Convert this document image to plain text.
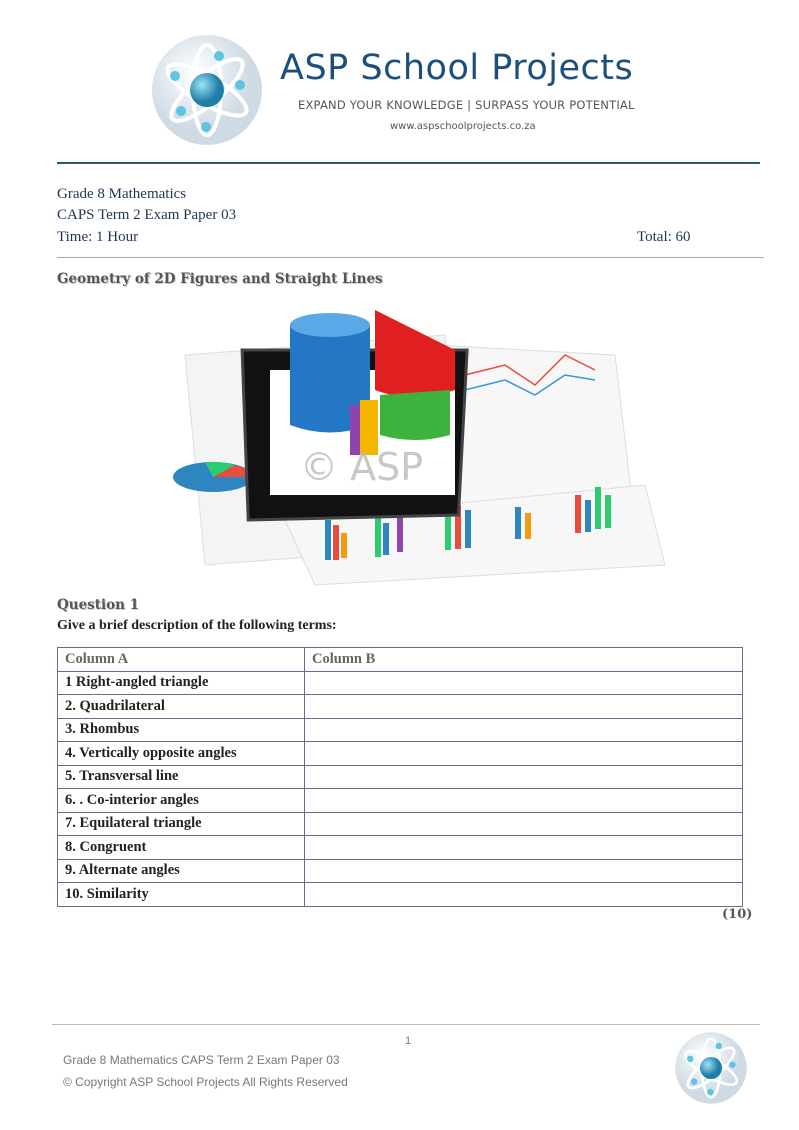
ASP School Projects
EXPAND YOUR KNOWLEDGE | SURPASS YOUR POTENTIAL
www.aspschoolprojects.co.za
Grade 8 Mathematics
CAPS Term 2 Exam Paper 03
Time: 1 Hour	Total: 60
Geometry of 2D Figures and Straight Lines
© ASP
Question 1
Give a brief description of the following terms:
Column A	Column B
1 Right-angled triangle	
2. Quadrilateral	
3. Rhombus	
4. Vertically opposite angles	
5. Transversal line	
6. . Co-interior angles	
7. Equilateral triangle	
8. Congruent	
9. Alternate angles	
10. Similarity	
(10)
1
Grade 8 Mathematics CAPS Term 2 Exam Paper 03
© Copyright ASP School Projects All Rights Reserved
